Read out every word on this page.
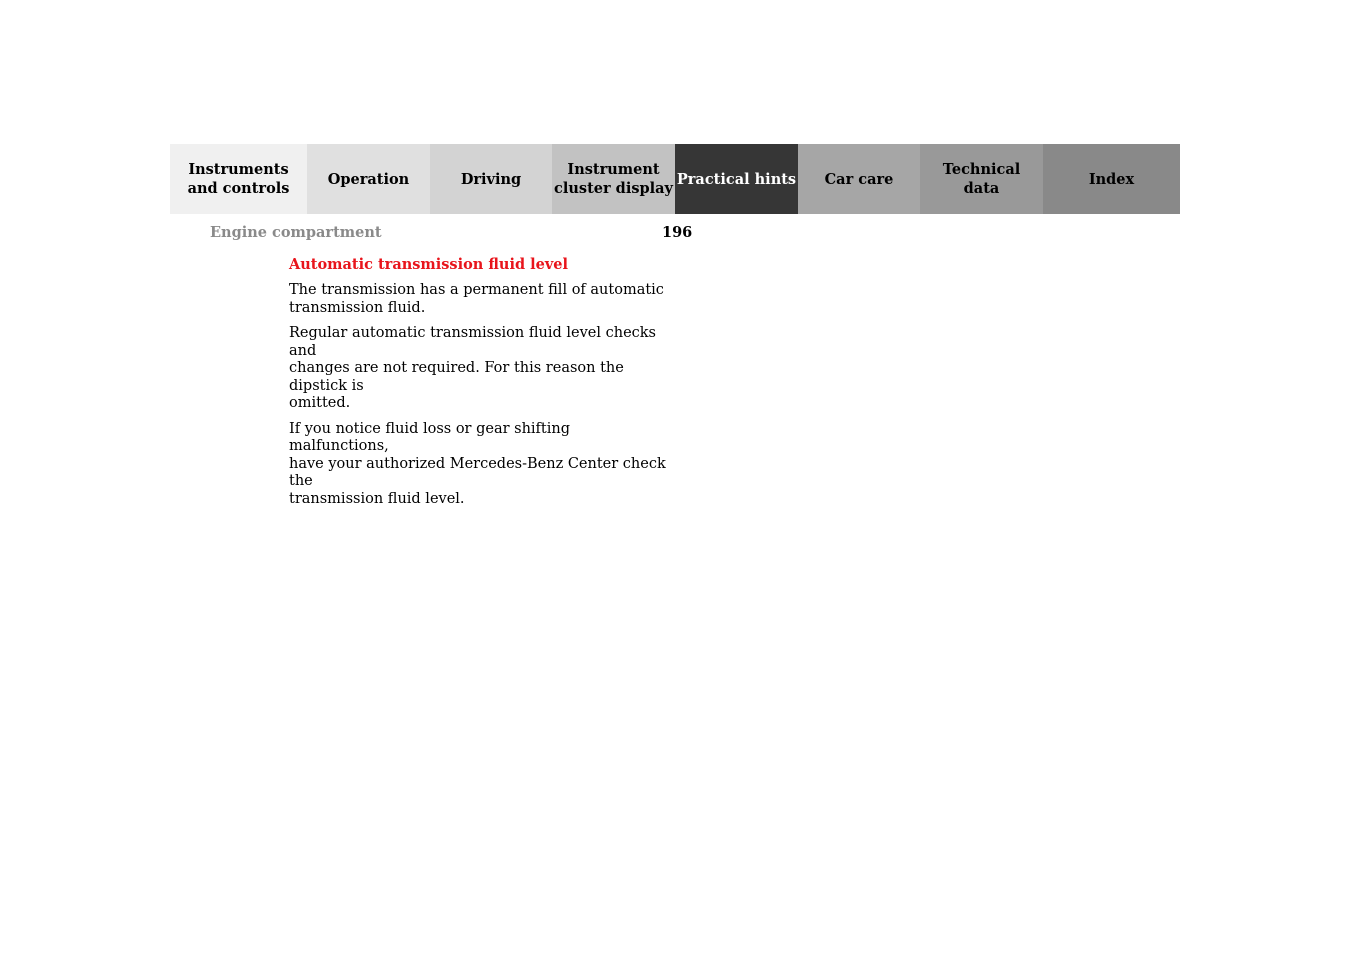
Instruments
and controls
Operation	Driving
Instrument
cluster display
Practical hints Car care
Technical
data
Index
Engine compartment	196
Automatic transmission fluid level

The transmission has a permanent fill of automatic
transmission fluid.

Regular automatic transmission fluid level checks and
changes are not required. For this reason the dipstick is
omitted.

If you notice fluid loss or gear shifting malfunctions,
have your authorized Mercedes-Benz Center check the
transmission fluid level.
